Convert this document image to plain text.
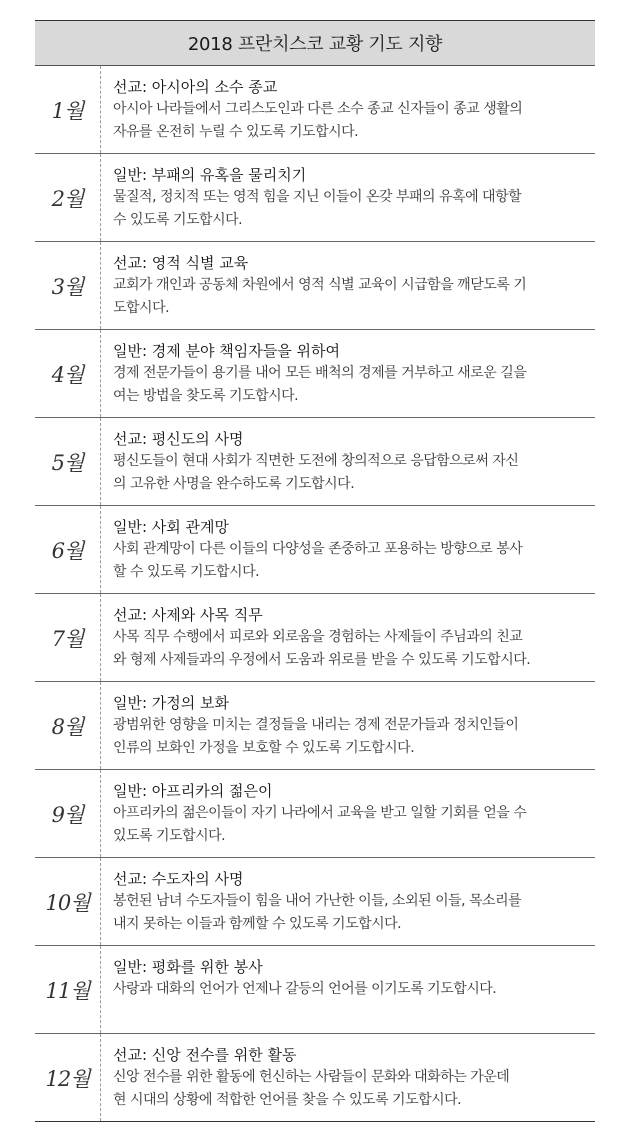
2018 프란치스코 교황 기도 지향
1월
선교: 아시아의 소수 종교
아시아 나라들에서 그리스도인과 다른 소수 종교 신자들이 종교 생활의
자유를 온전히 누릴 수 있도록 기도합시다.
2월
일반: 부패의 유혹을 물리치기
물질적, 정치적 또는 영적 힘을 지닌 이들이 온갖 부패의 유혹에 대항할
수 있도록 기도합시다.
3월
선교: 영적 식별 교육
교회가 개인과 공동체 차원에서 영적 식별 교육이 시급함을 깨닫도록 기
도합시다.
4월
일반: 경제 분야 책임자들을 위하여
경제 전문가들이 용기를 내어 모든 배척의 경제를 거부하고 새로운 길을
여는 방법을 찾도록 기도합시다.
5월
선교: 평신도의 사명
평신도들이 현대 사회가 직면한 도전에 창의적으로 응답함으로써 자신
의 고유한 사명을 완수하도록 기도합시다.
6월
일반: 사회 관계망
사회 관계망이 다른 이들의 다양성을 존중하고 포용하는 방향으로 봉사
할 수 있도록 기도합시다.
7월
선교: 사제와 사목 직무
사목 직무 수행에서 피로와 외로움을 경험하는 사제들이 주님과의 친교
와 형제 사제들과의 우정에서 도움과 위로를 받을 수 있도록 기도합시다.
8월
일반: 가정의 보화
광범위한 영향을 미치는 결정들을 내리는 경제 전문가들과 정치인들이
인류의 보화인 가정을 보호할 수 있도록 기도합시다.
9월
일반: 아프리카의 젊은이
아프리카의 젊은이들이 자기 나라에서 교육을 받고 일할 기회를 얻을 수
있도록 기도합시다.
10월
선교: 수도자의 사명
봉헌된 남녀 수도자들이 힘을 내어 가난한 이들, 소외된 이들, 목소리를
내지 못하는 이들과 함께할 수 있도록 기도합시다.
11월
일반: 평화를 위한 봉사
사랑과 대화의 언어가 언제나 갈등의 언어를 이기도록 기도합시다.
12월
선교: 신앙 전수를 위한 활동
신앙 전수를 위한 활동에 헌신하는 사람들이 문화와 대화하는 가운데
현 시대의 상황에 적합한 언어를 찾을 수 있도록 기도합시다.
